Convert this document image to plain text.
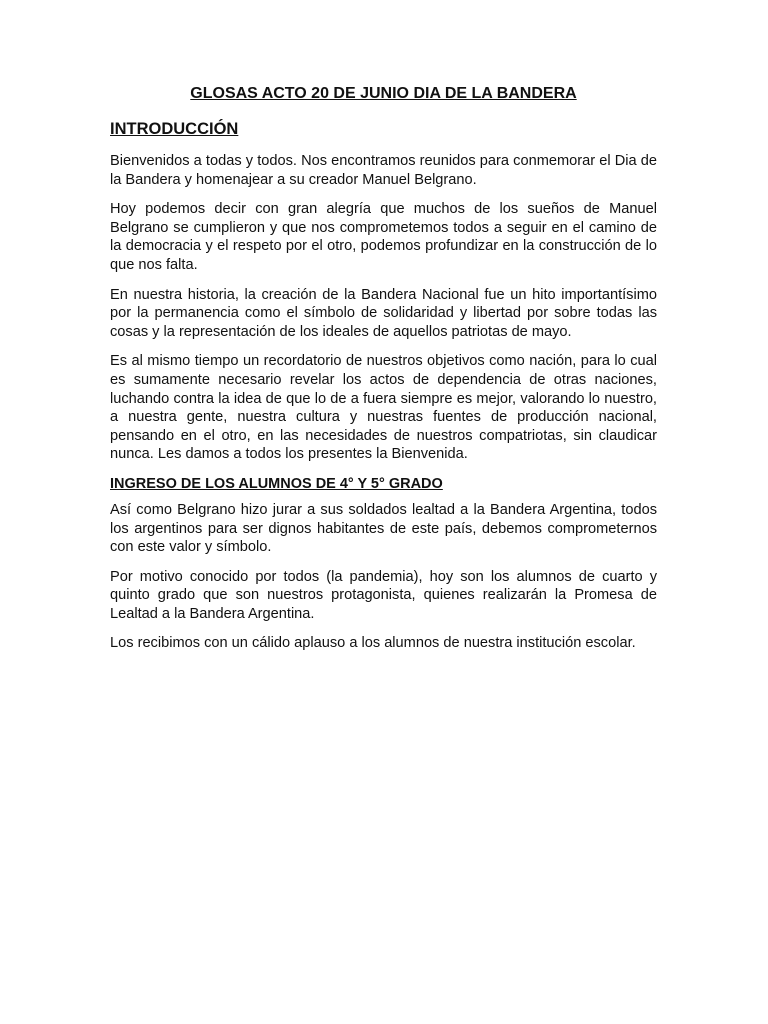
GLOSAS ACTO 20 DE JUNIO DIA DE LA BANDERA
INTRODUCCIÓN

Bienvenidos a todas y todos. Nos encontramos reunidos para conmemorar el Dia de la Bandera y homenajear a su creador Manuel Belgrano.

Hoy podemos decir con gran alegría que muchos de los sueños de Manuel Belgrano se cumplieron y que nos comprometemos todos a seguir en el camino de la democracia y el respeto por el otro, podemos profundizar en la construcción de lo que nos falta.

En nuestra historia, la creación de la Bandera Nacional fue un hito importantísimo por la permanencia como el símbolo de solidaridad y libertad por sobre todas las cosas y la representación de los ideales de aquellos patriotas de mayo.

Es al mismo tiempo un recordatorio de nuestros objetivos como nación, para lo cual es sumamente necesario revelar los actos de dependencia de otras naciones, luchando contra la idea de que lo de a fuera siempre es mejor, valorando lo nuestro, a nuestra gente, nuestra cultura y nuestras fuentes de producción nacional, pensando en el otro, en las necesidades de nuestros compatriotas, sin claudicar nunca. Les damos a todos los presentes la Bienvenida.

INGRESO DE LOS ALUMNOS DE 4° Y 5° GRADO

Así como Belgrano hizo jurar a sus soldados lealtad a la Bandera Argentina, todos los argentinos para ser dignos habitantes de este país, debemos comprometernos con este valor y símbolo.

Por motivo conocido por todos (la pandemia), hoy son los alumnos de cuarto y quinto grado que son nuestros protagonista, quienes realizarán la Promesa de Lealtad a la Bandera Argentina.

Los recibimos con un cálido aplauso a los alumnos de nuestra institución escolar.
